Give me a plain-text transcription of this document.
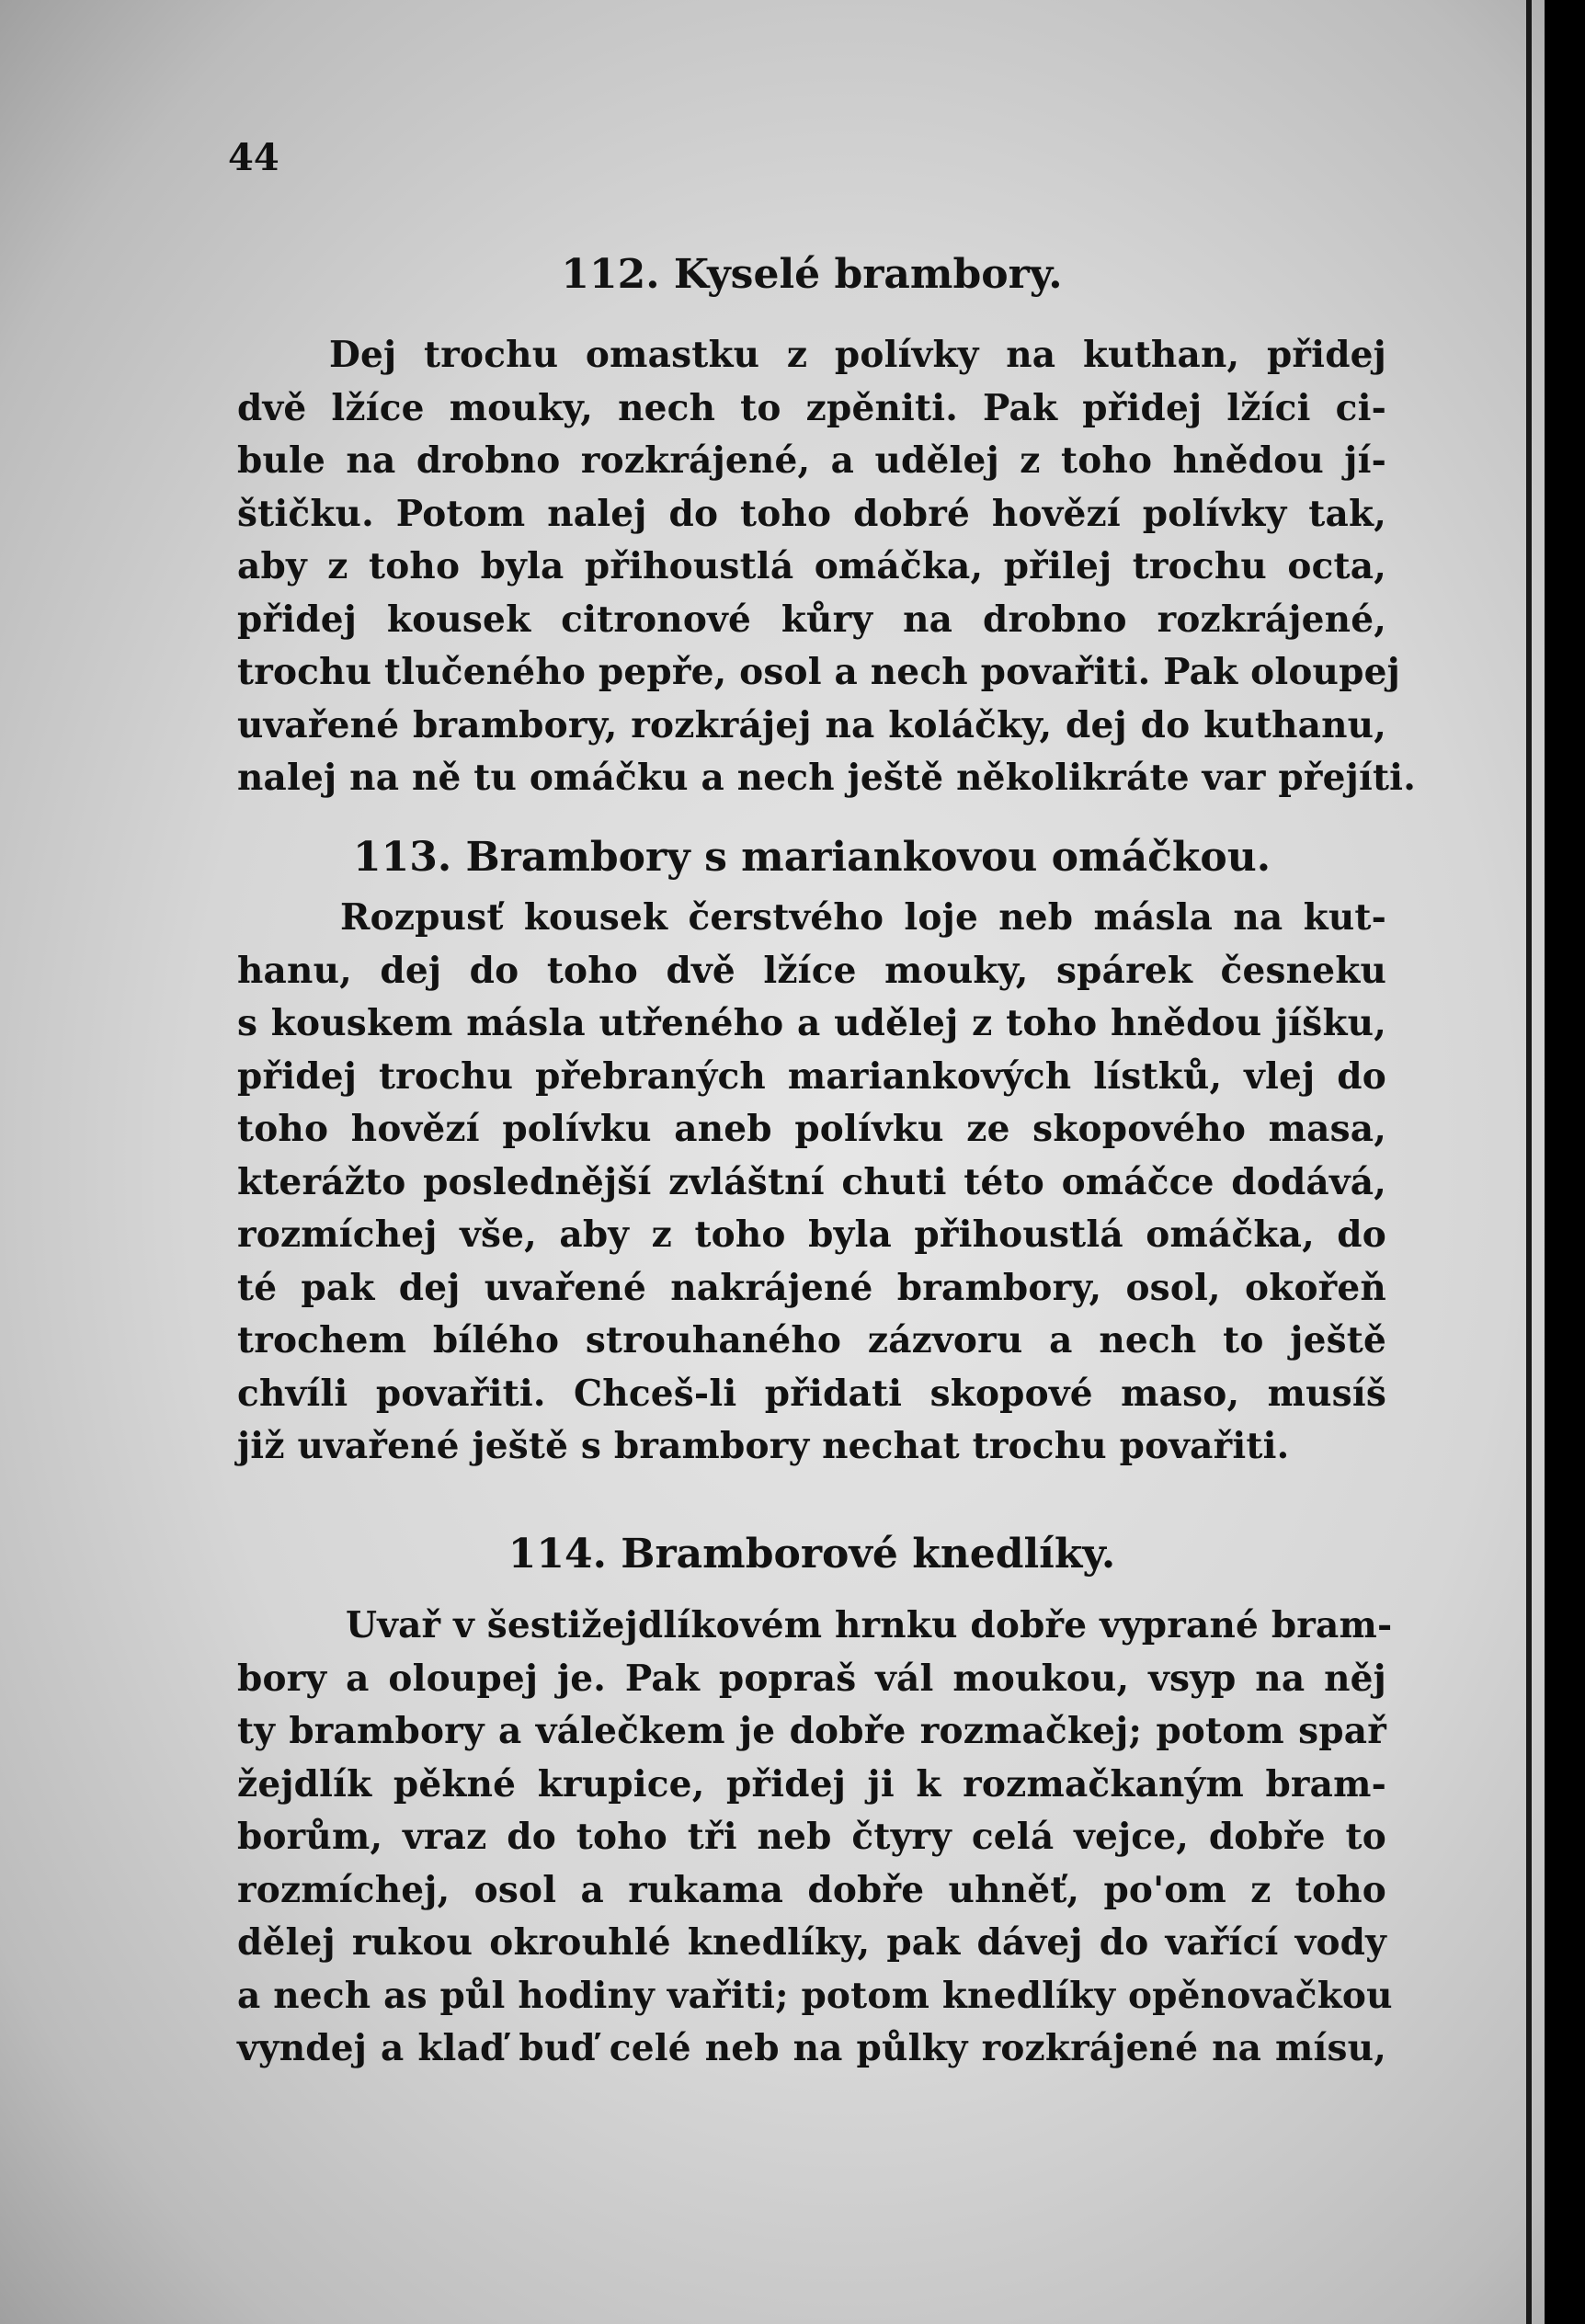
44
112. Kyselé brambory.

Dej trochu omastku z polívky na kuthan, přidej

dvě lžíce mouky, nech to zpěniti. Pak přidej lžíci ci-

bule na drobno rozkrájené, a udělej z toho hnědou jí-

štičku. Potom nalej do toho dobré hovězí polívky tak,

aby z toho byla přihoustlá omáčka, přilej trochu octa,

přidej kousek citronové kůry na drobno rozkrájené,

trochu tlučeného pepře, osol a nech povařiti. Pak oloupej

uvařené brambory, rozkrájej na koláčky, dej do kuthanu,

nalej na ně tu omáčku a nech ještě několikráte var přejíti.

113. Brambory s mariankovou omáčkou.

Rozpusť kousek čerstvého loje neb másla na kut-

hanu, dej do toho dvě lžíce mouky, spárek česneku

s kouskem másla utřeného a udělej z toho hnědou jíšku,

přidej trochu přebraných mariankových lístků, vlej do

toho hovězí polívku aneb polívku ze skopového masa,

kterážto poslednější zvláštní chuti této omáčce dodává,

rozmíchej vše, aby z toho byla přihoustlá omáčka, do

té pak dej uvařené nakrájené brambory, osol, okořeň

trochem bílého strouhaného zázvoru a nech to ještě

chvíli povařiti. Chceš-li přidati skopové maso, musíš

již uvařené ještě s brambory nechat trochu povařiti.

114. Bramborové knedlíky.

Uvař v šestižejdlíkovém hrnku dobře vyprané bram-

bory a oloupej je. Pak popraš vál moukou, vsyp na něj

ty brambory a válečkem je dobře rozmačkej; potom spař

žejdlík pěkné krupice, přidej ji k rozmačkaným bram-

borům, vraz do toho tři neb čtyry celá vejce, dobře to

rozmíchej, osol a rukama dobře uhněť, po'om z toho

dělej rukou okrouhlé knedlíky, pak dávej do vařící vody

a nech as půl hodiny vařiti; potom knedlíky opěnovačkou

vyndej a klaď buď celé neb na půlky rozkrájené na mísu,
